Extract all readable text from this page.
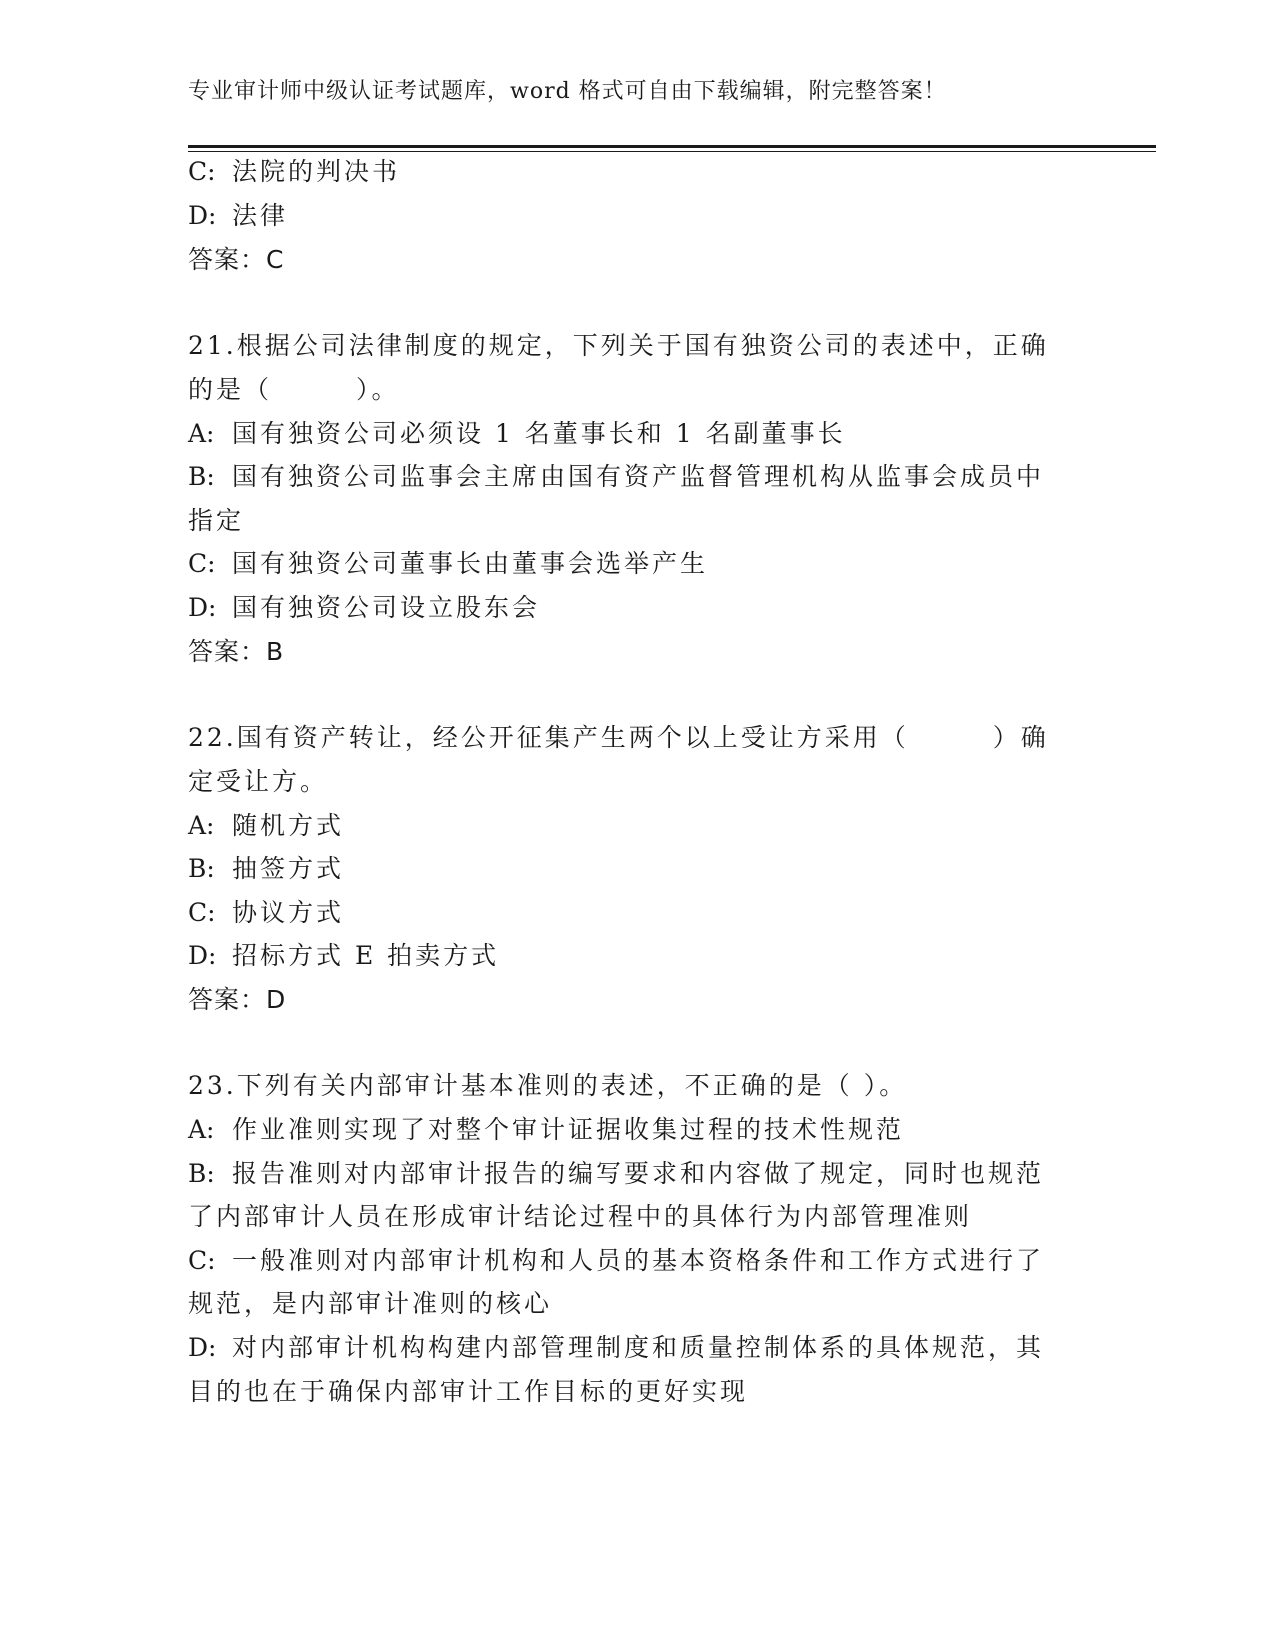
专业审计师中级认证考试题库，word 格式可自由下载编辑，附完整答案！
C: 法院的判决书
D: 法律
答案：C
21.根据公司法律制度的规定，下列关于国有独资公司的表述中，正确
的是（　　　）。
A: 国有独资公司必须设 1 名董事长和 1 名副董事长
B: 国有独资公司监事会主席由国有资产监督管理机构从监事会成员中
指定
C: 国有独资公司董事长由董事会选举产生
D: 国有独资公司设立股东会
答案：B
22.国有资产转让，经公开征集产生两个以上受让方采用（　　　）确
定受让方。
A: 随机方式
B: 抽签方式
C: 协议方式
D: 招标方式 E 拍卖方式
答案：D
23.下列有关内部审计基本准则的表述，不正确的是（ ）。
A: 作业准则实现了对整个审计证据收集过程的技术性规范
B: 报告准则对内部审计报告的编写要求和内容做了规定，同时也规范
了内部审计人员在形成审计结论过程中的具体行为内部管理准则
C: 一般准则对内部审计机构和人员的基本资格条件和工作方式进行了
规范，是内部审计准则的核心
D: 对内部审计机构构建内部管理制度和质量控制体系的具体规范，其
目的也在于确保内部审计工作目标的更好实现
